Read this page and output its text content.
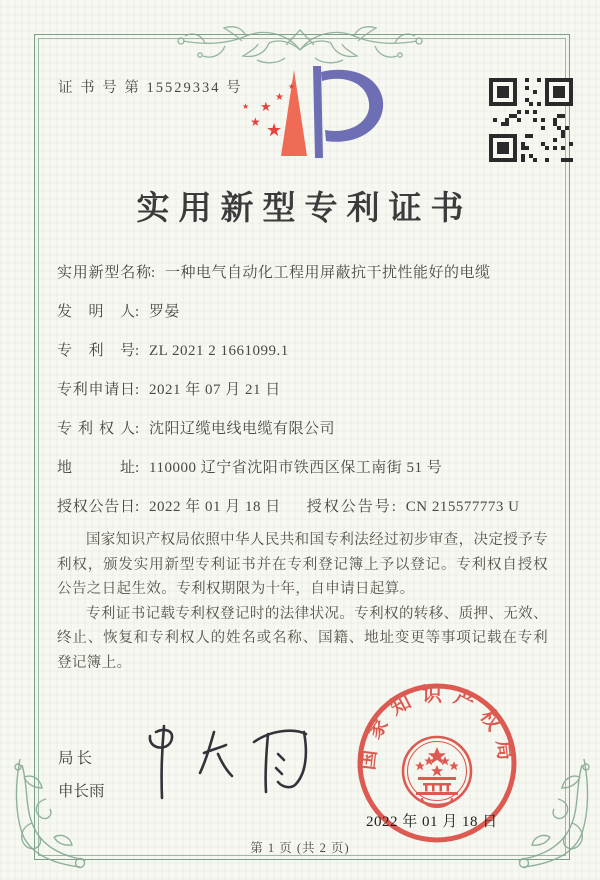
证 书 号 第 15529334 号
★
★
★
★
★
★
实用新型专利证书
实用新型名称: 一种电气自动化工程用屏蔽抗干扰性能好的电缆
发明人: 罗晏
专利号: ZL 2021 2 1661099.1
专利申请日: 2021 年 07 月 21 日
专利权人: 沈阳辽缆电线电缆有限公司
地址: 110000 辽宁省沈阳市铁西区保工南街 51 号
授权公告日: 2022 年 01 月 18 日 授权公告号: CN 215577773 U

国家知识产权局依照中华人民共和国专利法经过初步审查，决定授予专利权，颁发实用新型专利证书并在专利登记簿上予以登记。专利权自授权公告之日起生效。专利权期限为十年，自申请日起算。

专利证书记载专利权登记时的法律状况。专利权的转移、质押、无效、终止、恢复和专利权人的姓名或名称、国籍、地址变更等事项记载在专利登记簿上。

局长
申长雨
国家知识产权局
2022 年 01 月 18 日
第 1 页 (共 2 页)
